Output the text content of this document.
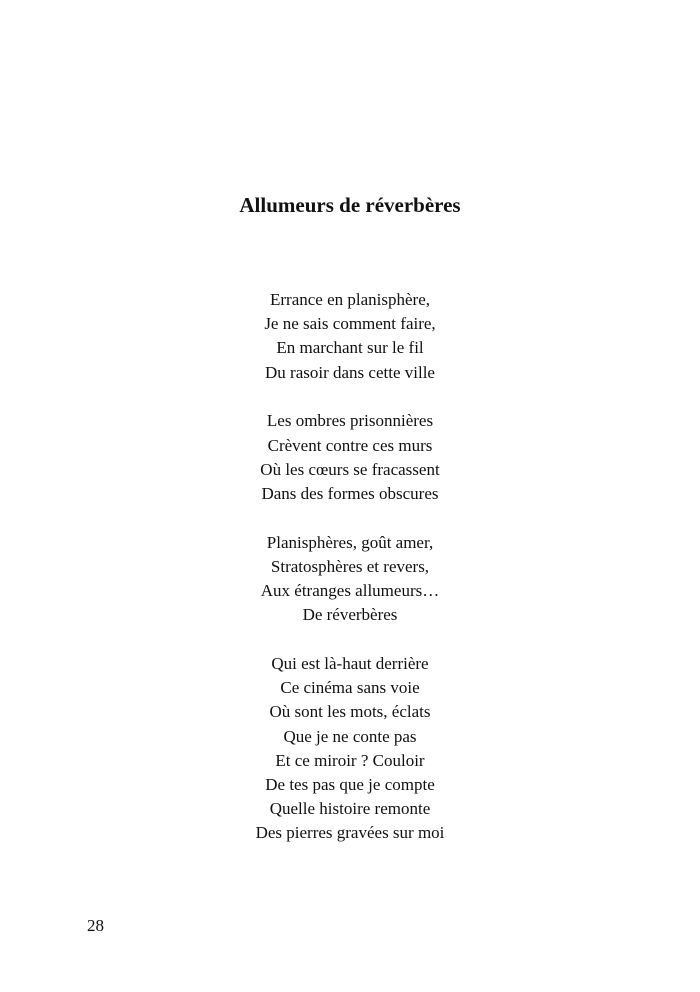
Allumeurs de réverbères
Errance en planisphère,
Je ne sais comment faire,
En marchant sur le fil
Du rasoir dans cette ville
Les ombres prisonnières
Crèvent contre ces murs
Où les cœurs se fracassent
Dans des formes obscures
Planisphères, goût amer,
Stratosphères et revers,
Aux étranges allumeurs…
De réverbères
Qui est là-haut derrière
Ce cinéma sans voie
Où sont les mots, éclats
Que je ne conte pas
Et ce miroir ? Couloir
De tes pas que je compte
Quelle histoire remonte
Des pierres gravées sur moi
28
